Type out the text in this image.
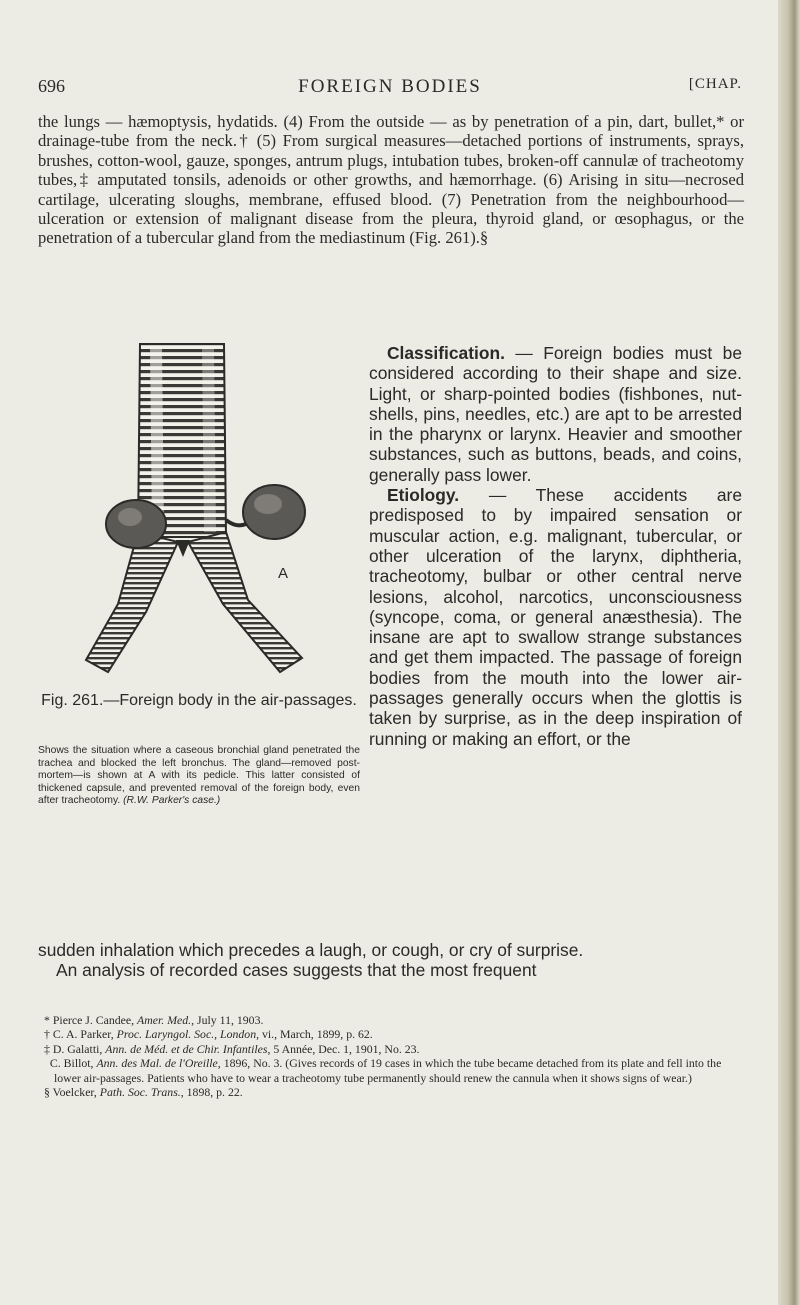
696	FOREIGN BODIES	[CHAP.
the lungs — hæmoptysis, hydatids. (4) From the outside — as by penetration of a pin, dart, bullet,* or drainage-tube from the neck.† (5) From surgical measures—detached portions of instruments, sprays, brushes, cotton-wool, gauze, sponges, antrum plugs, intubation tubes, broken-off cannulæ of tracheotomy tubes,‡ amputated tonsils, adenoids or other growths, and hæmorrhage. (6) Arising in situ—necrosed cartilage, ulcerating sloughs, membrane, effused blood. (7) Penetration from the neighbourhood—ulceration or extension of malignant disease from the pleura, thyroid gland, or œsophagus, or the penetration of a tubercular gland from the mediastinum (Fig. 261).§
A
Fig. 261.—Foreign body in the air-passages.
Shows the situation where a caseous bronchial gland penetrated the trachea and blocked the left bronchus. The gland—removed post-mortem—is shown at A with its pedicle. This latter consisted of thickened capsule, and prevented removal of the foreign body, even after tracheotomy. (R.W. Parker's case.)

Classification. — Foreign bodies must be considered according to their shape and size. Light, or sharp-pointed bodies (fishbones, nut-shells, pins, needles, etc.) are apt to be arrested in the pharynx or larynx. Heavier and smoother substances, such as buttons, beads, and coins, generally pass lower.

Etiology. — These accidents are predisposed to by impaired sensation or muscular action, e.g. malignant, tubercular, or other ulceration of the larynx, diphtheria, tracheotomy, bulbar or other central nerve lesions, alcohol, narcotics, unconsciousness (syncope, coma, or general anæsthesia). The insane are apt to swallow strange substances and get them impacted. The passage of foreign bodies from the mouth into the lower air-passages generally occurs when the glottis is taken by surprise, as in the deep inspiration of running or making an effort, or the

sudden inhalation which precedes a laugh, or cough, or cry of surprise.

An analysis of recorded cases suggests that the most frequent

* Pierce J. Candee, Amer. Med., July 11, 1903.

† C. A. Parker, Proc. Laryngol. Soc., London, vi., March, 1899, p. 62.

‡ D. Galatti, Ann. de Méd. et de Chir. Infantiles, 5 Année, Dec. 1, 1901, No. 23.

C. Billot, Ann. des Mal. de l'Oreille, 1896, No. 3. (Gives records of 19 cases in which the tube became detached from its plate and fell into the lower air-passages. Patients who have to wear a tracheotomy tube permanently should renew the cannula when it shows signs of wear.)

§ Voelcker, Path. Soc. Trans., 1898, p. 22.
